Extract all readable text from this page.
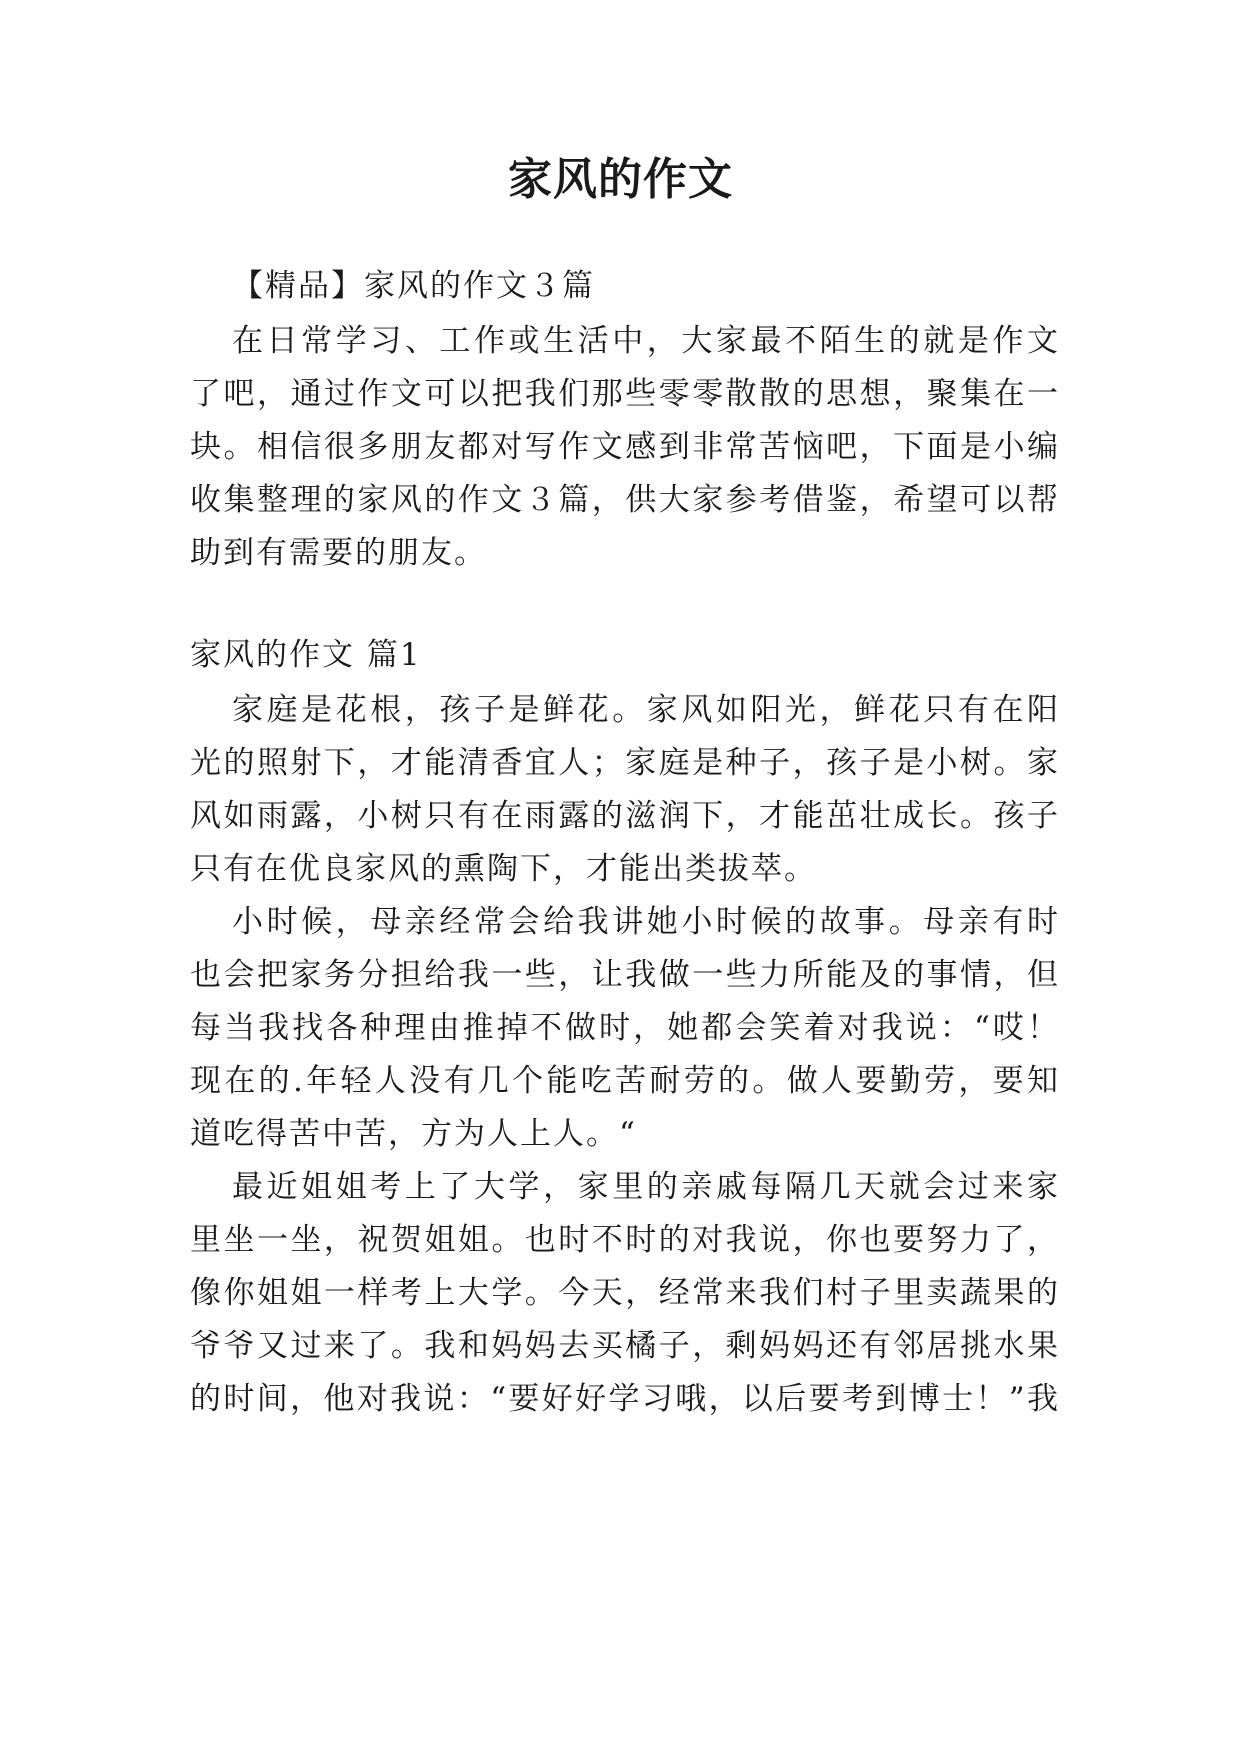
家风的作文
【精品】家风的作文３篇
在日常学习、工作或生活中，大家最不陌生的就是作文
了吧，通过作文可以把我们那些零零散散的思想，聚集在一
块。相信很多朋友都对写作文感到非常苦恼吧，下面是小编
收集整理的家风的作文３篇，供大家参考借鉴，希望可以帮
助到有需要的朋友。
家风的作文 篇1
家庭是花根，孩子是鲜花。家风如阳光，鲜花只有在阳
光的照射下，才能清香宜人；家庭是种子，孩子是小树。家
风如雨露，小树只有在雨露的滋润下，才能茁壮成长。孩子
只有在优良家风的熏陶下，才能出类拔萃。
小时候，母亲经常会给我讲她小时候的故事。母亲有时
也会把家务分担给我一些，让我做一些力所能及的事情，但
每当我找各种理由推掉不做时，她都会笑着对我说：“哎！
现在的.年轻人没有几个能吃苦耐劳的。做人要勤劳，要知
道吃得苦中苦，方为人上人。“
最近姐姐考上了大学，家里的亲戚每隔几天就会过来家
里坐一坐，祝贺姐姐。也时不时的对我说，你也要努力了，
像你姐姐一样考上大学。今天，经常来我们村子里卖蔬果的
爷爷又过来了。我和妈妈去买橘子，剩妈妈还有邻居挑水果
的时间，他对我说：“要好好学习哦，以后要考到博士！”我
